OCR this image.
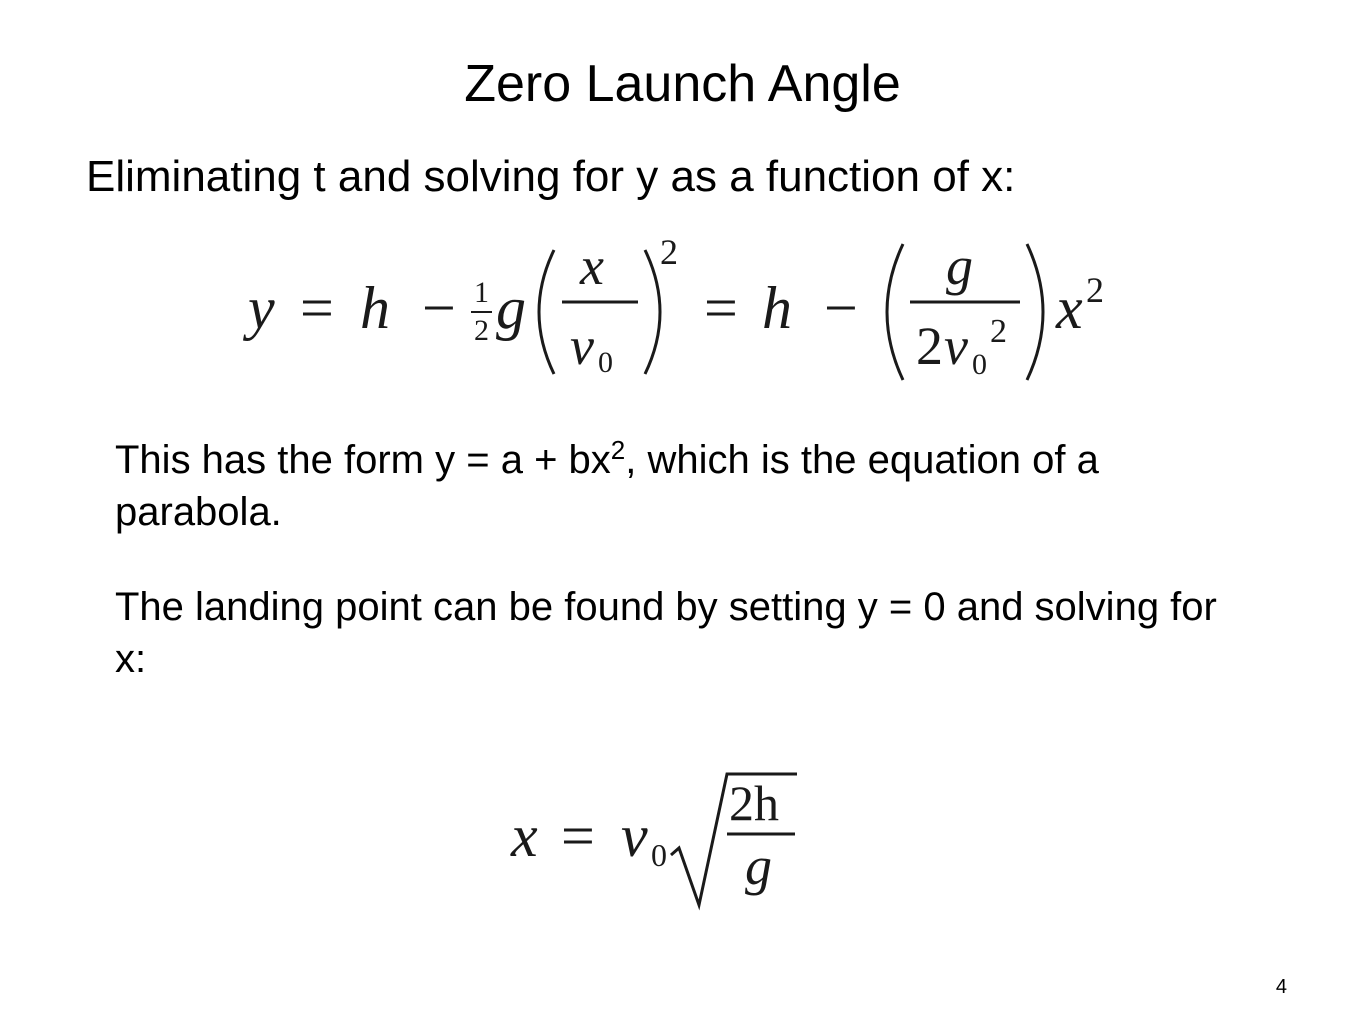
Zero Launch Angle
Eliminating t and solving for y as a function of x:
y = h − 1
2 g
x
v 0
2
= h −
g
2 v 0
2 x 2

This has the form $y = a + bx^2$, which is the equation of a parabola.

The landing point can be found by setting y = 0 and solving for x:

x = v 0
2h
g
4
